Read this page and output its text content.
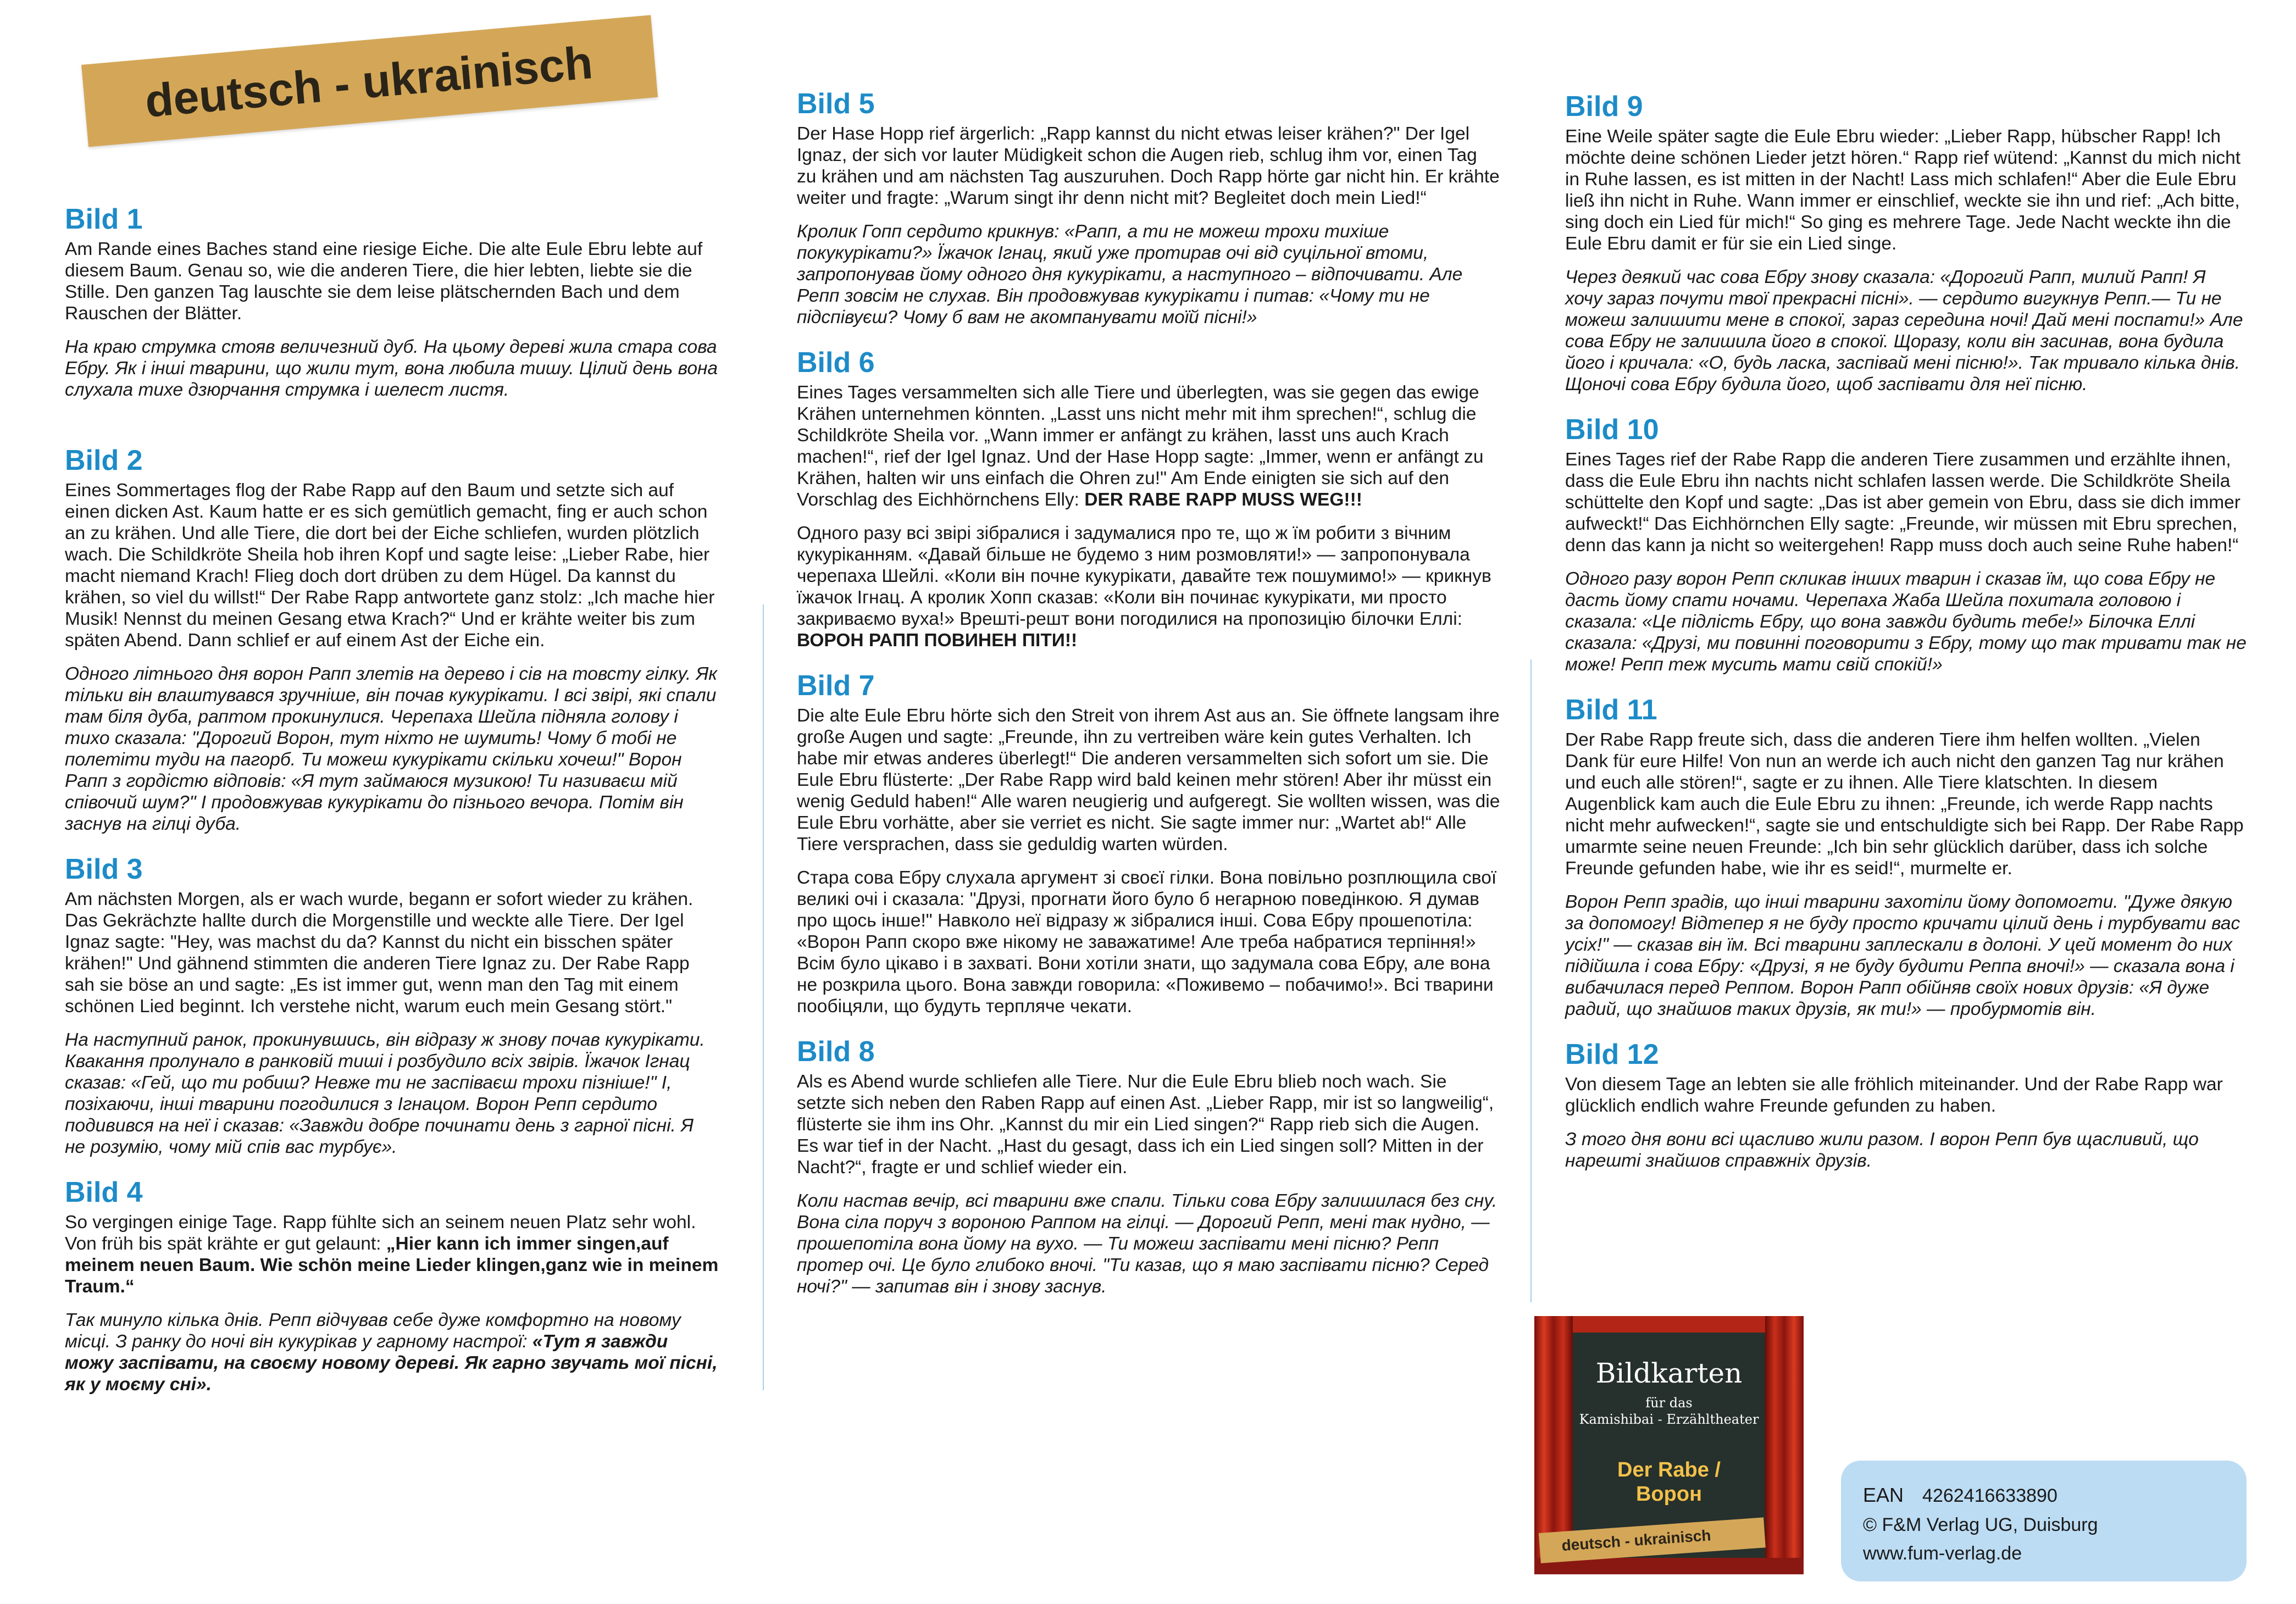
deutsch - ukrainisch
Bild 1

Am Rande eines Baches stand eine riesige Eiche. Die alte Eule Ebru lebte auf diesem Baum. Genau so, wie die anderen Tiere, die hier lebten, liebte sie die Stille. Den ganzen Tag lauschte sie dem leise plätschernden Bach und dem Rauschen der Blätter.

На краю струмка стояв величезний дуб. На цьому дереві жила стара сова Ебру. Як і інші тварини, що жили тут, вона любила тишу. Цілий день вона слухала тихе дзюрчання струмка і шелест листя.

Bild 2

Eines Sommertages flog der Rabe Rapp auf den Baum und setzte sich auf einen dicken Ast. Kaum hatte er es sich gemütlich gemacht, fing er auch schon an zu krähen. Und alle Tiere, die dort bei der Eiche schliefen, wurden plötzlich wach. Die Schildkröte Sheila hob ihren Kopf und sagte leise: „Lieber Rabe, hier macht niemand Krach! Flieg doch dort drüben zu dem Hügel. Da kannst du krähen, so viel du willst!“ Der Rabe Rapp antwortete ganz stolz: „Ich mache hier Musik! Nennst du meinen Gesang etwa Krach?“ Und er krähte weiter bis zum späten Abend. Dann schlief er auf einem Ast der Eiche ein.

Одного літнього дня ворон Рапп злетів на дерево і сів на товсту гілку. Як тільки він влаштувався зручніше, він почав кукурікати. І всі звірі, які спали там біля дуба, раптом прокинулися. Черепаха Шейла підняла голову і тихо сказала: "Дорогий Ворон, тут ніхто не шумить! Чому б тобі не полетіти туди на пагорб. Ти можеш кукурікати скільки хочеш!" Ворон Рапп з гордістю відповів: «Я тут займаюся музикою! Ти називаєш мій співочий шум?" І продовжував кукурікати до пізнього вечора. Потім він заснув на гілці дуба.

Bild 3

Am nächsten Morgen, als er wach wurde, begann er sofort wieder zu krähen. Das Gekrächzte hallte durch die Morgenstille und weckte alle Tiere. Der Igel Ignaz sagte: "Hey, was machst du da? Kannst du nicht ein bisschen später krähen!" Und gähnend stimmten die anderen Tiere Ignaz zu. Der Rabe Rapp sah sie böse an und sagte: „Es ist immer gut, wenn man den Tag mit einem schönen Lied beginnt. Ich verstehe nicht, warum euch mein Gesang stört."

На наступний ранок, прокинувшись, він відразу ж знову почав кукурікати. Квакання пролунало в ранковій тиші і розбудило всіх звірів. Їжачок Ігнац сказав: «Гей, що ти робиш? Невже ти не заспіваєш трохи пізніше!" І, позіхаючи, інші тварини погодилися з Ігнацом. Ворон Репп сердито подивився на неї і сказав: «Завжди добре починати день з гарної пісні. Я не розумію, чому мій спів вас турбує».

Bild 4

So vergingen einige Tage. Rapp fühlte sich an seinem neuen Platz sehr wohl. Von früh bis spät krähte er gut gelaunt: „Hier kann ich immer singen,auf meinem neuen Baum. Wie schön meine Lieder klingen,ganz wie in meinem Traum.“

Так минуло кілька днів. Репп відчував себе дуже комфортно на новому місці. З ранку до ночі він кукурікав у гарному настрої: «Тут я завжди можу заспівати, на своєму новому дереві. Як гарно звучать мої пісні, як у моєму сні».

Bild 5

Der Hase Hopp rief ärgerlich: „Rapp kannst du nicht etwas leiser krähen?" Der Igel Ignaz, der sich vor lauter Müdigkeit schon die Augen rieb, schlug ihm vor, einen Tag zu krähen und am nächsten Tag auszuruhen. Doch Rapp hörte gar nicht hin. Er krähte weiter und fragte: „Warum singt ihr denn nicht mit? Begleitet doch mein Lied!“

Кролик Гопп сердито крикнув: «Рапп, а ти не можеш трохи тихіше покукурікати?» Їжачок Ігнац, який уже протирав очі від суцільної втоми, запропонував йому одного дня кукурікати, а наступного – відпочивати. Але Репп зовсім не слухав. Він продовжував кукурікати і питав: «Чому ти не підспівуєш? Чому б вам не акомпанувати моїй пісні!»

Bild 6

Eines Tages versammelten sich alle Tiere und überlegten, was sie gegen das ewige Krähen unternehmen könnten. „Lasst uns nicht mehr mit ihm sprechen!“, schlug die Schildkröte Sheila vor. „Wann immer er anfängt zu krähen, lasst uns auch Krach machen!“, rief der Igel Ignaz. Und der Hase Hopp sagte: „Immer, wenn er anfängt zu Krähen, halten wir uns einfach die Ohren zu!" Am Ende einigten sie sich auf den Vorschlag des Eichhörnchens Elly: DER RABE RAPP MUSS WEG!!!

Одного разу всі звірі зібралися і задумалися про те, що ж їм робити з вічним кукуріканням. «Давай більше не будемо з ним розмовляти!» — запропонувала черепаха Шейлі. «Коли він почне кукурікати, давайте теж пошумимо!» — крикнув їжачок Ігнац. А кролик Хопп сказав: «Коли він починає кукурікати, ми просто закриваємо вуха!» Врешті-решт вони погодилися на пропозицію білочки Еллі: ВОРОН РАПП ПОВИНЕН ПІТИ!!

Bild 7

Die alte Eule Ebru hörte sich den Streit von ihrem Ast aus an. Sie öffnete langsam ihre große Augen und sagte: „Freunde, ihn zu vertreiben wäre kein gutes Verhalten. Ich habe mir etwas anderes überlegt!“ Die anderen versammelten sich sofort um sie. Die Eule Ebru flüsterte: „Der Rabe Rapp wird bald keinen mehr stören! Aber ihr müsst ein wenig Geduld haben!“ Alle waren neugierig und aufgeregt. Sie wollten wissen, was die Eule Ebru vorhätte, aber sie verriet es nicht. Sie sagte immer nur: „Wartet ab!“ Alle Tiere versprachen, dass sie geduldig warten würden.

Стара сова Ебру слухала аргумент зі своєї гілки. Вона повільно розплющила свої великі очі і сказала: "Друзі, прогнати його було б негарною поведінкою. Я думав про щось інше!" Навколо неї відразу ж зібралися інші. Сова Ебру прошепотіла: «Ворон Рапп скоро вже нікому не заважатиме! Але треба набратися терпіння!» Всім було цікаво і в захваті. Вони хотіли знати, що задумала сова Ебру, але вона не розкрила цього. Вона завжди говорила: «Поживемо – побачимо!». Всі тварини пообіцяли, що будуть терпляче чекати.

Bild 8

Als es Abend wurde schliefen alle Tiere. Nur die Eule Ebru blieb noch wach. Sie setzte sich neben den Raben Rapp auf einen Ast. „Lieber Rapp, mir ist so langweilig“, flüsterte sie ihm ins Ohr. „Kannst du mir ein Lied singen?“ Rapp rieb sich die Augen. Es war tief in der Nacht. „Hast du gesagt, dass ich ein Lied singen soll? Mitten in der Nacht?“, fragte er und schlief wieder ein.

Коли настав вечір, всі тварини вже спали. Тільки сова Ебру залишилася без сну. Вона сіла поруч з вороною Раппом на гілці. — Дорогий Репп, мені так нудно, — прошепотіла вона йому на вухо. — Ти можеш заспівати мені пісню? Репп протер очі. Це було глибоко вночі. "Ти казав, що я маю заспівати пісню? Серед ночі?" — запитав він і знову заснув.

Bild 9

Eine Weile später sagte die Eule Ebru wieder: „Lieber Rapp, hübscher Rapp! Ich möchte deine schönen Lieder jetzt hören.“ Rapp rief wütend: „Kannst du mich nicht in Ruhe lassen, es ist mitten in der Nacht! Lass mich schlafen!“ Aber die Eule Ebru ließ ihn nicht in Ruhe. Wann immer er einschlief, weckte sie ihn und rief: „Ach bitte, sing doch ein Lied für mich!“ So ging es mehrere Tage. Jede Nacht weckte ihn die Eule Ebru damit er für sie ein Lied singe.

Через деякий час сова Ебру знову сказала: «Дорогий Рапп, милий Рапп! Я хочу зараз почути твої прекрасні пісні». — сердито вигукнув Репп.— Ти не можеш залишити мене в спокої, зараз середина ночі! Дай мені поспати!» Але сова Ебру не залишила його в спокої. Щоразу, коли він засинав, вона будила його і кричала: «О, будь ласка, заспівай мені пісню!». Так тривало кілька днів. Щоночі сова Ебру будила його, щоб заспівати для неї пісню.

Bild 10

Eines Tages rief der Rabe Rapp die anderen Tiere zusammen und erzählte ihnen, dass die Eule Ebru ihn nachts nicht schlafen lassen werde. Die Schildkröte Sheila schüttelte den Kopf und sagte: „Das ist aber gemein von Ebru, dass sie dich immer aufweckt!“ Das Eichhörnchen Elly sagte: „Freunde, wir müssen mit Ebru sprechen, denn das kann ja nicht so weitergehen! Rapp muss doch auch seine Ruhe haben!“

Одного разу ворон Репп скликав інших тварин і сказав їм, що сова Ебру не дасть йому спати ночами. Черепаха Жаба Шейла похитала головою і сказала: «Це підлість Ебру, що вона завжди будить тебе!» Білочка Еллі сказала: «Друзі, ми повинні поговорити з Ебру, тому що так тривати так не може! Репп теж мусить мати свій спокій!»

Bild 11

Der Rabe Rapp freute sich, dass die anderen Tiere ihm helfen wollten. „Vielen Dank für eure Hilfe! Von nun an werde ich auch nicht den ganzen Tag nur krähen und euch alle stören!“, sagte er zu ihnen. Alle Tiere klatschten. In diesem Augenblick kam auch die Eule Ebru zu ihnen: „Freunde, ich werde Rapp nachts nicht mehr aufwecken!“, sagte sie und entschuldigte sich bei Rapp. Der Rabe Rapp umarmte seine neuen Freunde: „Ich bin sehr glücklich darüber, dass ich solche Freunde gefunden habe, wie ihr es seid!“, murmelte er.

Ворон Репп зрадів, що інші тварини захотіли йому допомогти. "Дуже дякую за допомогу! Відтепер я не буду просто кричати цілий день і турбувати вас усіх!" — сказав він їм. Всі тварини заплескали в долоні. У цей момент до них підійшла і сова Ебру: «Друзі, я не буду будити Реппа вночі!» — сказала вона і вибачилася перед Реппом. Ворон Рапп обійняв своїх нових друзів: «Я дуже радий, що знайшов таких друзів, як ти!» — пробурмотів він.

Bild 12

Von diesem Tage an lebten sie alle fröhlich miteinander. Und der Rabe Rapp war glücklich endlich wahre Freunde gefunden zu haben.

З того дня вони всі щасливо жили разом. І ворон Репп був щасливий, що нарешті знайшов справжніх друзів.

Bildkarten
für das
Kamishibai - Erzähltheater
Der Rabe /
Ворон
deutsch - ukrainisch
EAN 4262416633890
© F&M Verlag UG, Duisburg
www.fum-verlag.de
